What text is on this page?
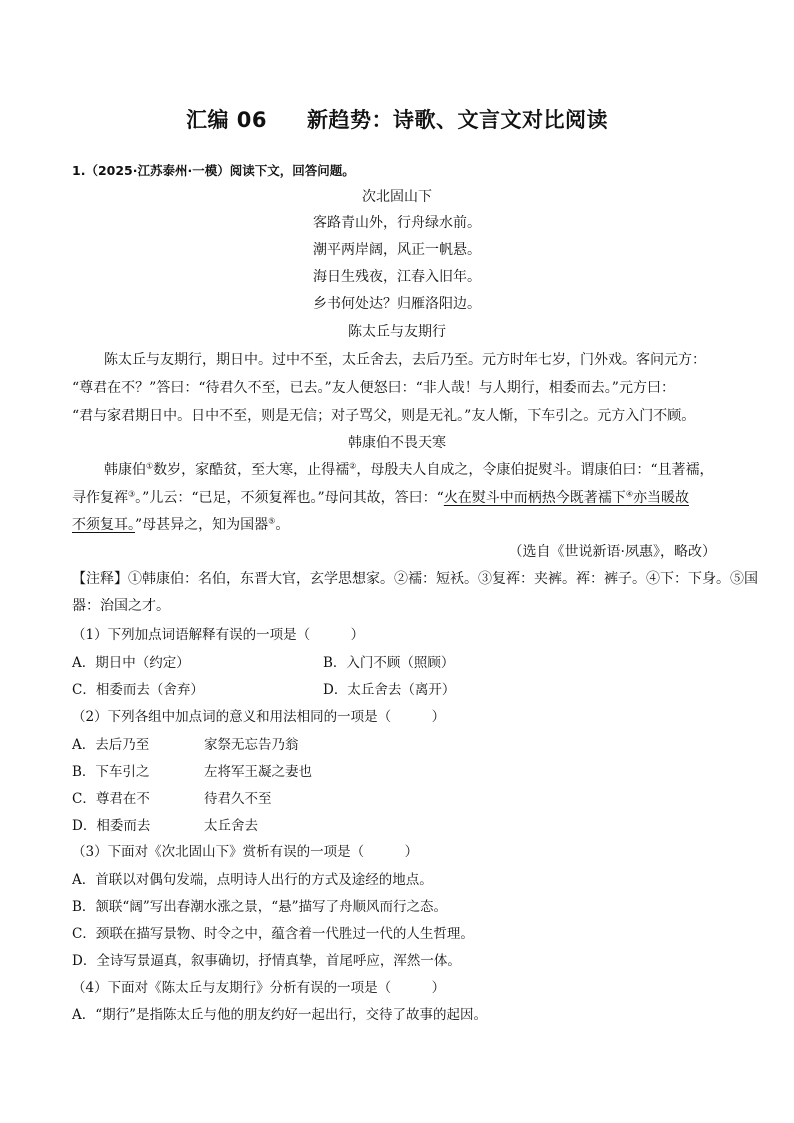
汇编 06 新趋势：诗歌、文言文对比阅读
1.（2025·江苏泰州·一模）阅读下文，回答问题。
次北固山下
客路青山外，行舟绿水前。
潮平两岸阔，风正一帆悬。
海日生残夜，江春入旧年。
乡书何处达？归雁洛阳边。
陈太丘与友期行
陈太丘与友期行，期日中。过中不至，太丘舍去，去后乃至。元方时年七岁，门外戏。客问元方：
“尊君在不？”答曰：“待君久不至，已去。”友人便怒曰：“非人哉！与人期行，相委而去。”元方曰：
“君与家君期日中。日中不至，则是无信；对子骂父，则是无礼。”友人惭，下车引之。元方入门不顾。
韩康伯不畏天寒
韩康伯①数岁，家酷贫，至大寒，止得襦②，母殷夫人自成之，令康伯捉熨斗。谓康伯曰：“且著襦，
寻作复裈③。”儿云：“已足，不须复裈也。”母问其故，答曰：“火在熨斗中而柄热今既著襦下④亦当暖故
不须复耳。”母甚异之，知为国器⑤。
（选自《世说新语·夙惠》，略改）
【注释】①韩康伯：名伯，东晋大官，玄学思想家。②襦：短袄。③复裈：夹裤。裈：裤子。④下：下身。⑤国
器：治国之才。
（1）下列加点词语解释有误的一项是（　　　）
A．期日中（约定）	B．入门不顾（照顾）
C．相委而去（舍弃）	D．太丘舍去（离开）
（2）下列各组中加点词的意义和用法相同的一项是（　　　）
A．去后乃至	家祭无忘告乃翁
B．下车引之	左将军王凝之妻也
C．尊君在不	待君久不至
D．相委而去	太丘舍去
（3）下面对《次北固山下》赏析有误的一项是（　　　）
A．首联以对偶句发端，点明诗人出行的方式及途经的地点。
B．颔联“阔”写出春潮水涨之景，“悬”描写了舟顺风而行之态。
C．颈联在描写景物、时令之中，蕴含着一代胜过一代的人生哲理。
D．全诗写景逼真，叙事确切，抒情真挚，首尾呼应，浑然一体。
（4）下面对《陈太丘与友期行》分析有误的一项是（　　　）
A．“期行”是指陈太丘与他的朋友约好一起出行，交待了故事的起因。
